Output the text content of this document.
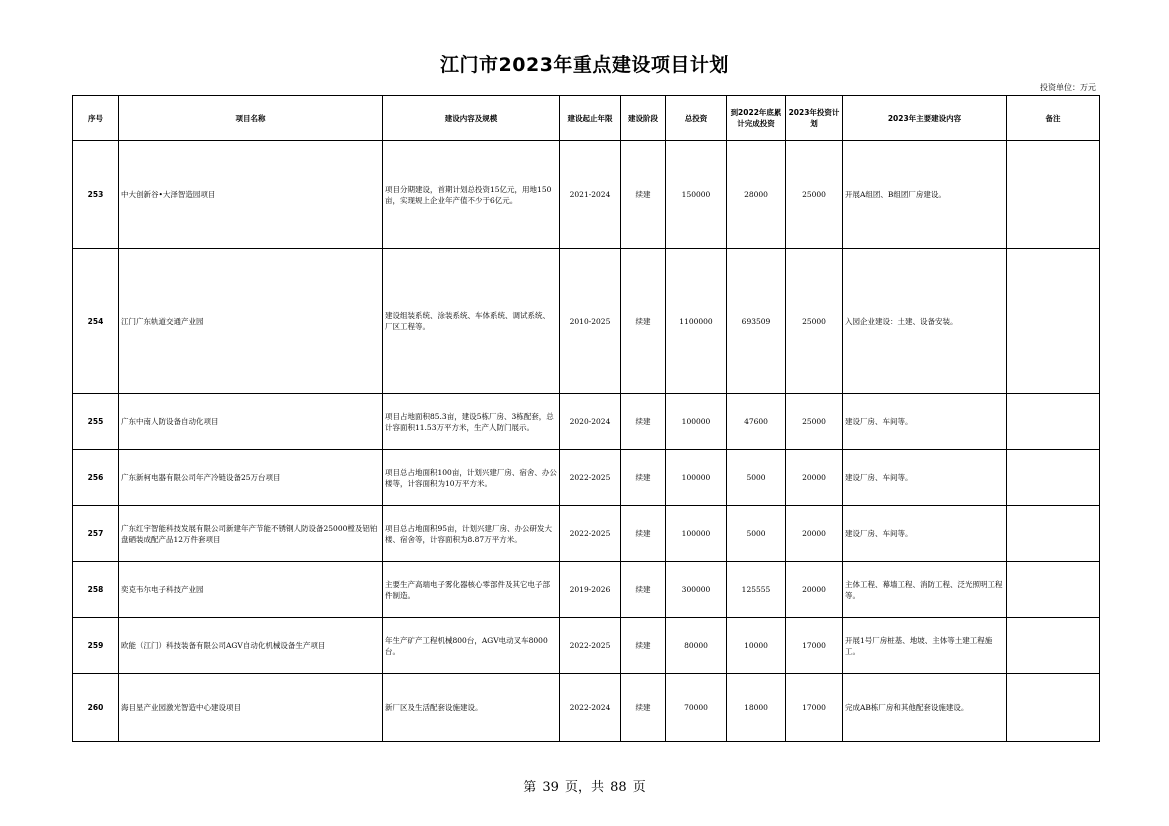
江门市2023年重点建设项目计划
投资单位：万元
序号	项目名称	建设内容及规模	建设起止年限	建设阶段	总投资	到2022年底累计完成投资	2023年投资计划	2023年主要建设内容	备注
253	中大创新谷•大泽智造园项目	项目分期建设，首期计划总投资15亿元，用地150亩，实现规上企业年产值不少于6亿元。	2021-2024	续建	150000	28000	25000	开展A组团、B组团厂房建设。	
254	江门广东轨道交通产业园	建设组装系统、涂装系统、车体系统、调试系统、厂区工程等。	2010-2025	续建	1100000	693509	25000	入园企业建设：土建、设备安装。	
255	广东中南人防设备自动化项目	项目占地面积85.3亩，建设5栋厂房、3栋配套，总计容面积11.53万平方米，生产人防门展示。	2020-2024	续建	100000	47600	25000	建设厂房、车间等。	
256	广东新柯电器有限公司年产冷链设备25万台项目	项目总占地面积100亩，计划兴建厂房、宿舍、办公楼等，计容面积为10万平方米。	2022-2025	续建	100000	5000	20000	建设厂房、车间等。	
257	广东红宇智能科技发展有限公司新建年产节能不锈钢人防设备25000樘及铝铂盘硒装成配产品12万件套项目	项目总占地面积95亩，计划兴建厂房、办公研发大楼、宿舍等，计容面积为8.87万平方米。	2022-2025	续建	100000	5000	20000	建设厂房、车间等。	
258	奕克韦尔电子科技产业园	主要生产高端电子雾化器核心零部件及其它电子部件制造。	2019-2026	续建	300000	125555	20000	主体工程、幕墙工程、消防工程、泛光照明工程等。	
259	欧能（江门）科技装备有限公司AGV自动化机械设备生产项目	年生产矿产工程机械800台，AGV电动叉车8000台。	2022-2025	续建	80000	10000	17000	开展1号厂房桩基、地坡、主体等土建工程施工。	
260	海目星产业园激光智造中心建设项目	新厂区及生活配套设施建设。	2022-2024	续建	70000	18000	17000	完成AB栋厂房和其他配套设施建设。	
第 39 页，共 88 页
